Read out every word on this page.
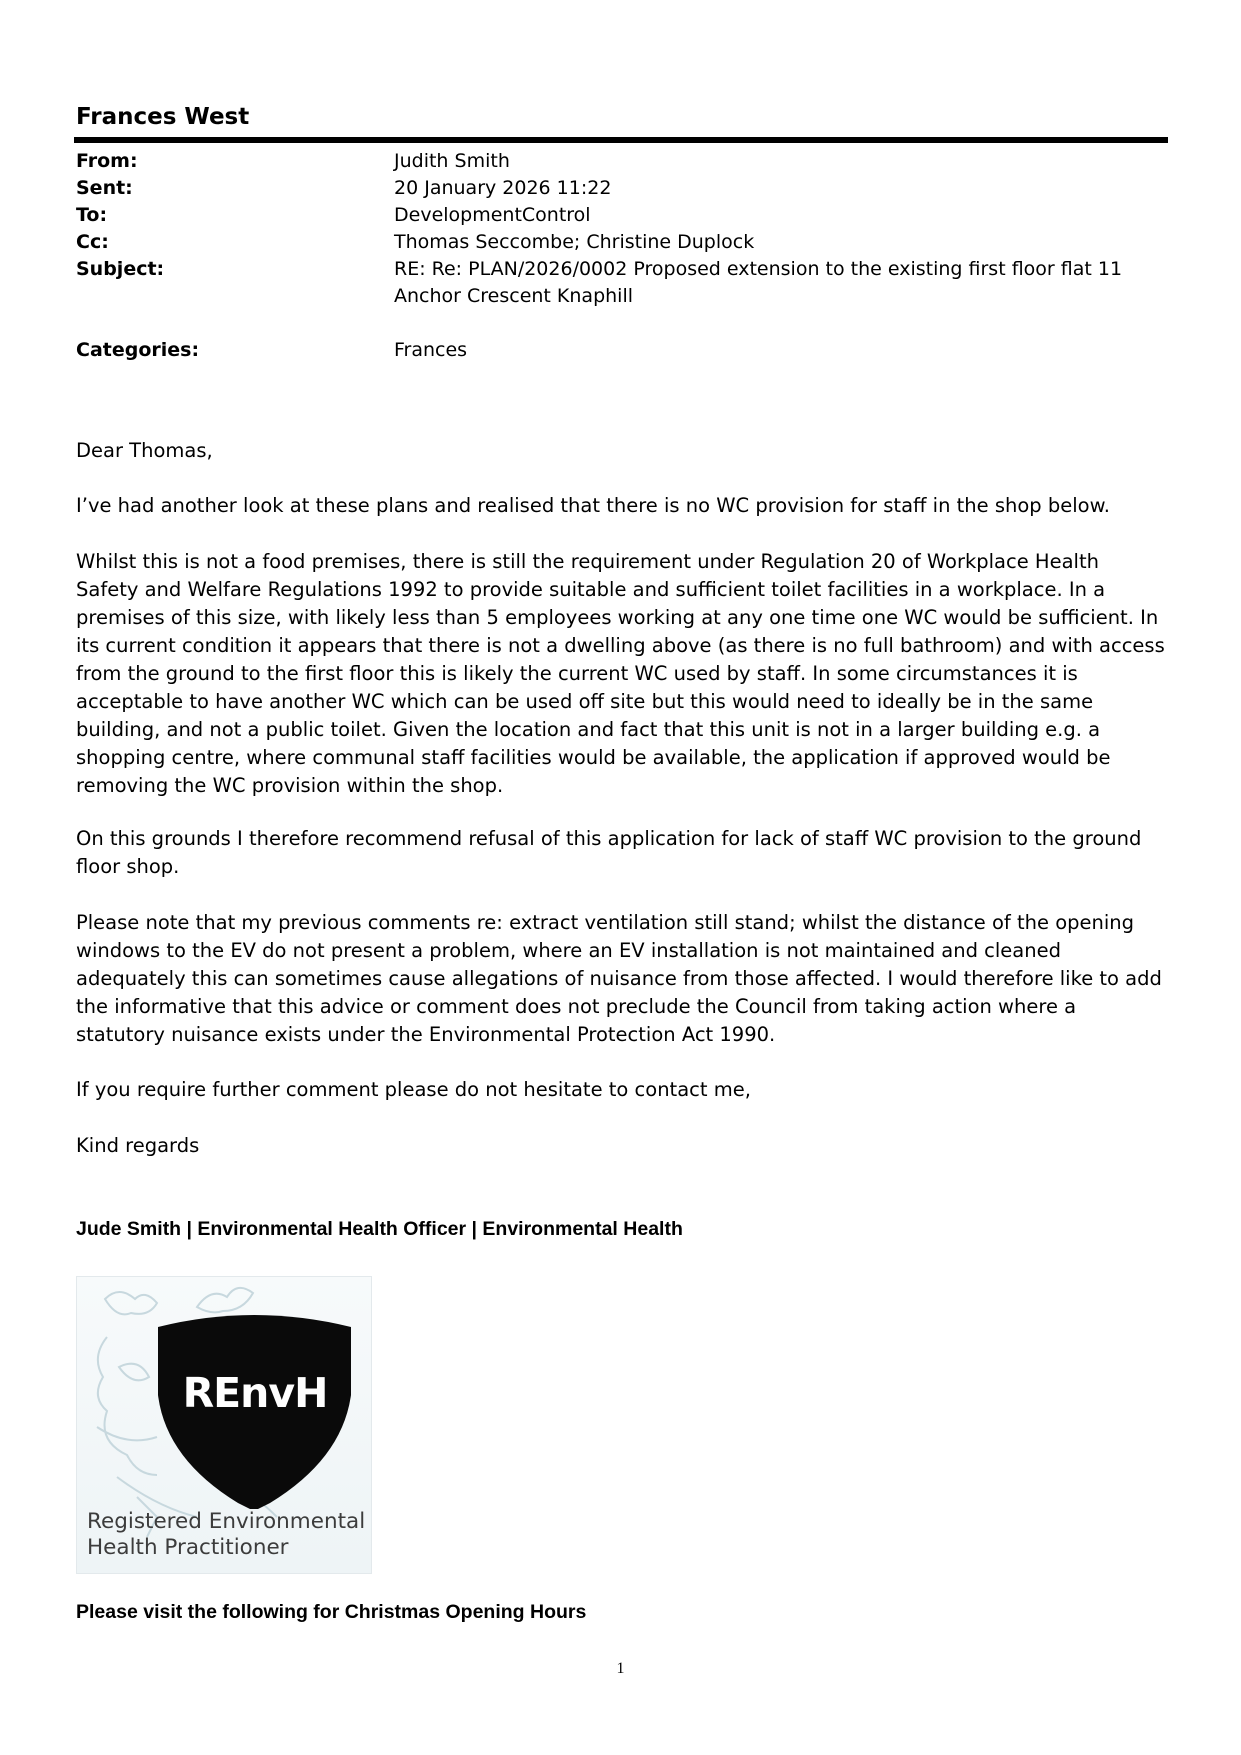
Frances West
From:	Judith Smith
Sent:	20 January 2026 11:22
To:	DevelopmentControl
Cc:	Thomas Seccombe; Christine Duplock
Subject:	RE: Re: PLAN/2026/0002 Proposed extension to the existing first floor flat 11 Anchor Crescent Knaphill
Categories:	Frances
Dear Thomas,
I’ve had another look at these plans and realised that there is no WC provision for staff in the shop below.
Whilst this is not a food premises, there is still the requirement under Regulation 20 of Workplace Health Safety and Welfare Regulations 1992 to provide suitable and sufficient toilet facilities in a workplace. In a premises of this size, with likely less than 5 employees working at any one time one WC would be sufficient. In its current condition it appears that there is not a dwelling above (as there is no full bathroom) and with access from the ground to the first floor this is likely the current WC used by staff. In some circumstances it is acceptable to have another WC which can be used off site but this would need to ideally be in the same building, and not a public toilet. Given the location and fact that this unit is not in a larger building e.g. a shopping centre, where communal staff facilities would be available, the application if approved would be removing the WC provision within the shop.
On this grounds I therefore recommend refusal of this application for lack of staff WC provision to the ground floor shop.
Please note that my previous comments re: extract ventilation still stand; whilst the distance of the opening windows to the EV do not present a problem, where an EV installation is not maintained and cleaned adequately this can sometimes cause allegations of nuisance from those affected. I would therefore like to add the informative that this advice or comment does not preclude the Council from taking action where a statutory nuisance exists under the Environmental Protection Act 1990.
If you require further comment please do not hesitate to contact me,
Kind regards
Jude Smith | Environmental Health Officer | Environmental Health
REnvH
Registered Environmental
Health Practitioner
Please visit the following for Christmas Opening Hours
1
